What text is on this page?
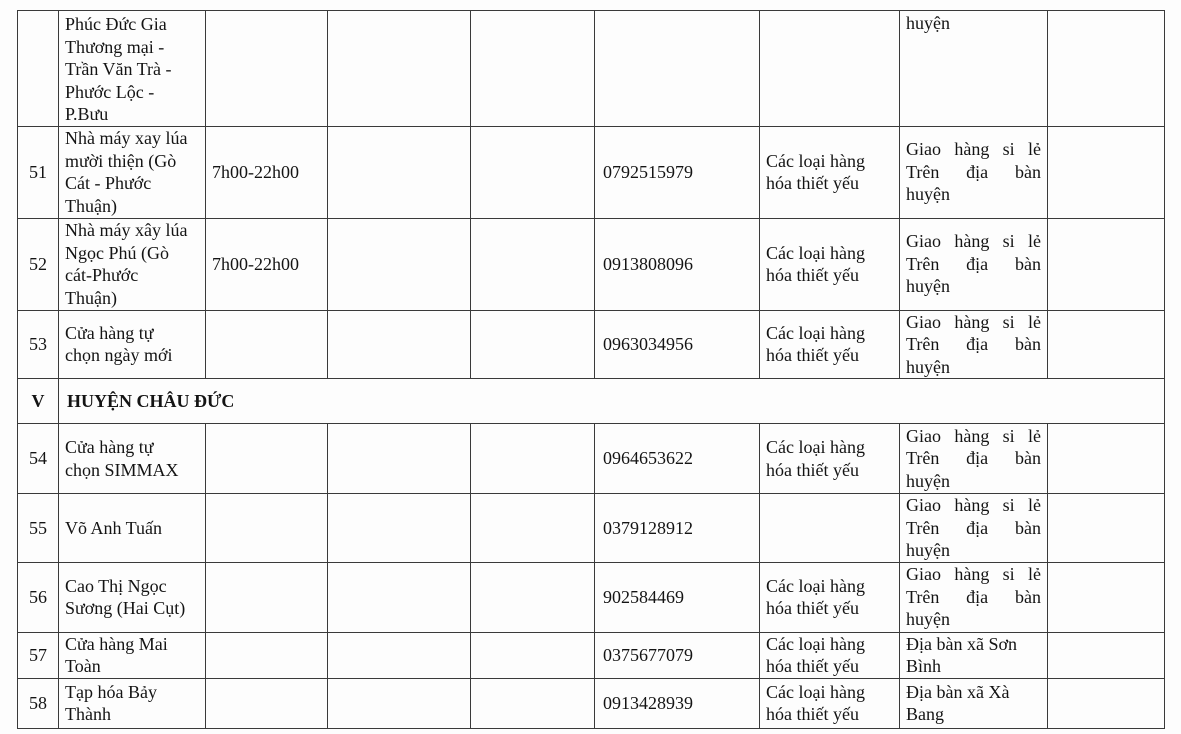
	Phúc Đức Gia
Thương mại -
Trần Văn Trà -
Phước Lộc -
P.Bưu						huyện	

51	Nhà máy xay lúa
mười thiện (Gò
Cát - Phước
Thuận)	7h00-22h00			0792515979	Các loại hàng
hóa thiết yếu	Giao hàng si lẻ
Trên địa bàn
huyện	

52	Nhà máy xây lúa
Ngọc Phú (Gò
cát-Phước
Thuận)	7h00-22h00			0913808096	Các loại hàng
hóa thiết yếu	Giao hàng si lẻ
Trên địa bàn
huyện	

53	Cửa hàng tự
chọn ngày mới				0963034956	Các loại hàng
hóa thiết yếu	Giao hàng si lẻ
Trên địa bàn
huyện	

V	HUYỆN CHÂU ĐỨC							
54	Cửa hàng tự
chọn SIMMAX				0964653622	Các loại hàng
hóa thiết yếu	Giao hàng si lẻ
Trên địa bàn
huyện	

55	Võ Anh Tuấn				0379128912		Giao hàng si lẻ
Trên địa bàn
huyện	

56	Cao Thị Ngọc
Sương (Hai Cụt)				902584469	Các loại hàng
hóa thiết yếu	Giao hàng si lẻ
Trên địa bàn
huyện	

57	Cửa hàng Mai
Toàn				0375677079	Các loại hàng
hóa thiết yếu	Địa bàn xã Sơn
Bình	

58	Tạp hóa Bảy
Thành				0913428939	Các loại hàng
hóa thiết yếu	Địa bàn xã Xà
Bang	
